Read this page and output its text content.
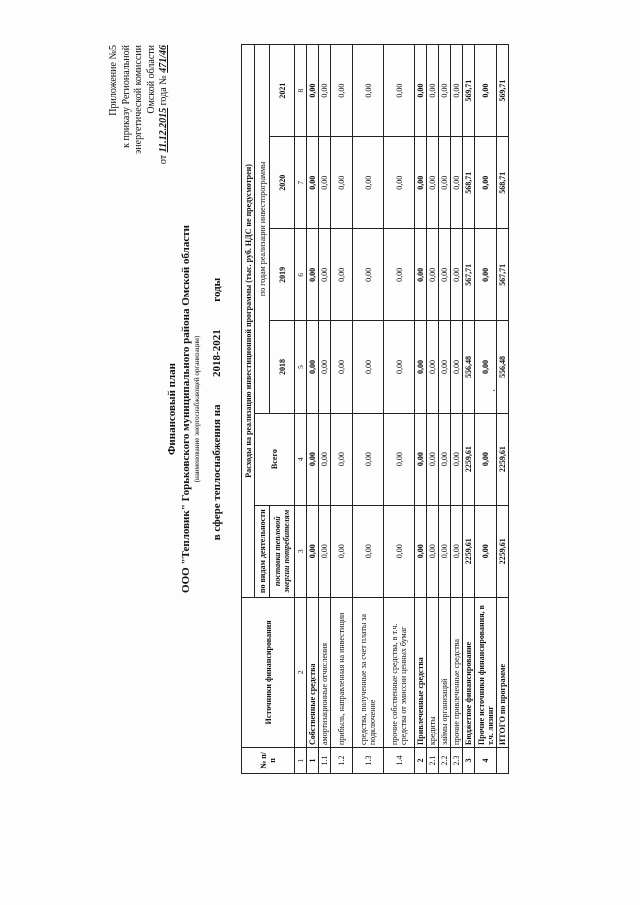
Приложение №5 к приказу Региональной энергетической комиссии Омской области
от 11.12.2015 года № 471/46
Финансовый план ООО "Тепловик" Горьковского муниципального района Омской области (наименование энергоснабжающей организации) в сфере теплоснабжения на  2018-2021  годы
№ п/п	Источники финансирования	Расходы на реализацию инвестиционной программы (тыс. руб. НДС не предусмотрен)					
		по видам деятельности	Всего	по годам реализации инвестпрограммы			
		поставка тепловой энергии потребителям		2018	2019	2020	2021
1	2	3	4	5	6	7	8
1	Собственные средства	0,00	0,00	0,00	0,00	0,00	0,00
1.1	амортизационные отчисления	0,00	0,00	0,00	0,00	0,00	0,00
1.2	прибыль, направленная на инвестиции	0,00	0,00	0,00	0,00	0,00	0,00
1.3	средства, полученные за счет платы за подключение	0,00	0,00	0,00	0,00	0,00	0,00
1.4	прочие собственные средства, в т.ч. средства от эмиссии ценных бумаг	0,00	0,00	0,00	0,00	0,00	0,00
2	Привлеченные средства	0,00	0,00	0,00	0,00	0,00	0,00
2.1	кредиты	0,00	0,00	0,00	0,00	0,00	0,00
2.2	займы организаций	0,00	0,00	0,00	0,00	0,00	0,00
2.3	прочие привлеченные средства	0,00	0,00	0,00	0,00	0,00	0,00
3	Бюджетное финансирование	2259,61	2259,61	556,48	567,71	568,71	569,71
4	Прочие источники финансирования, в т.ч. лизинг	0,00	0,00	0,00	0,00	0,00	0,00
	ИТОГО по программе	2259,61	2259,61	556,48	567,71	568,71	569,71
